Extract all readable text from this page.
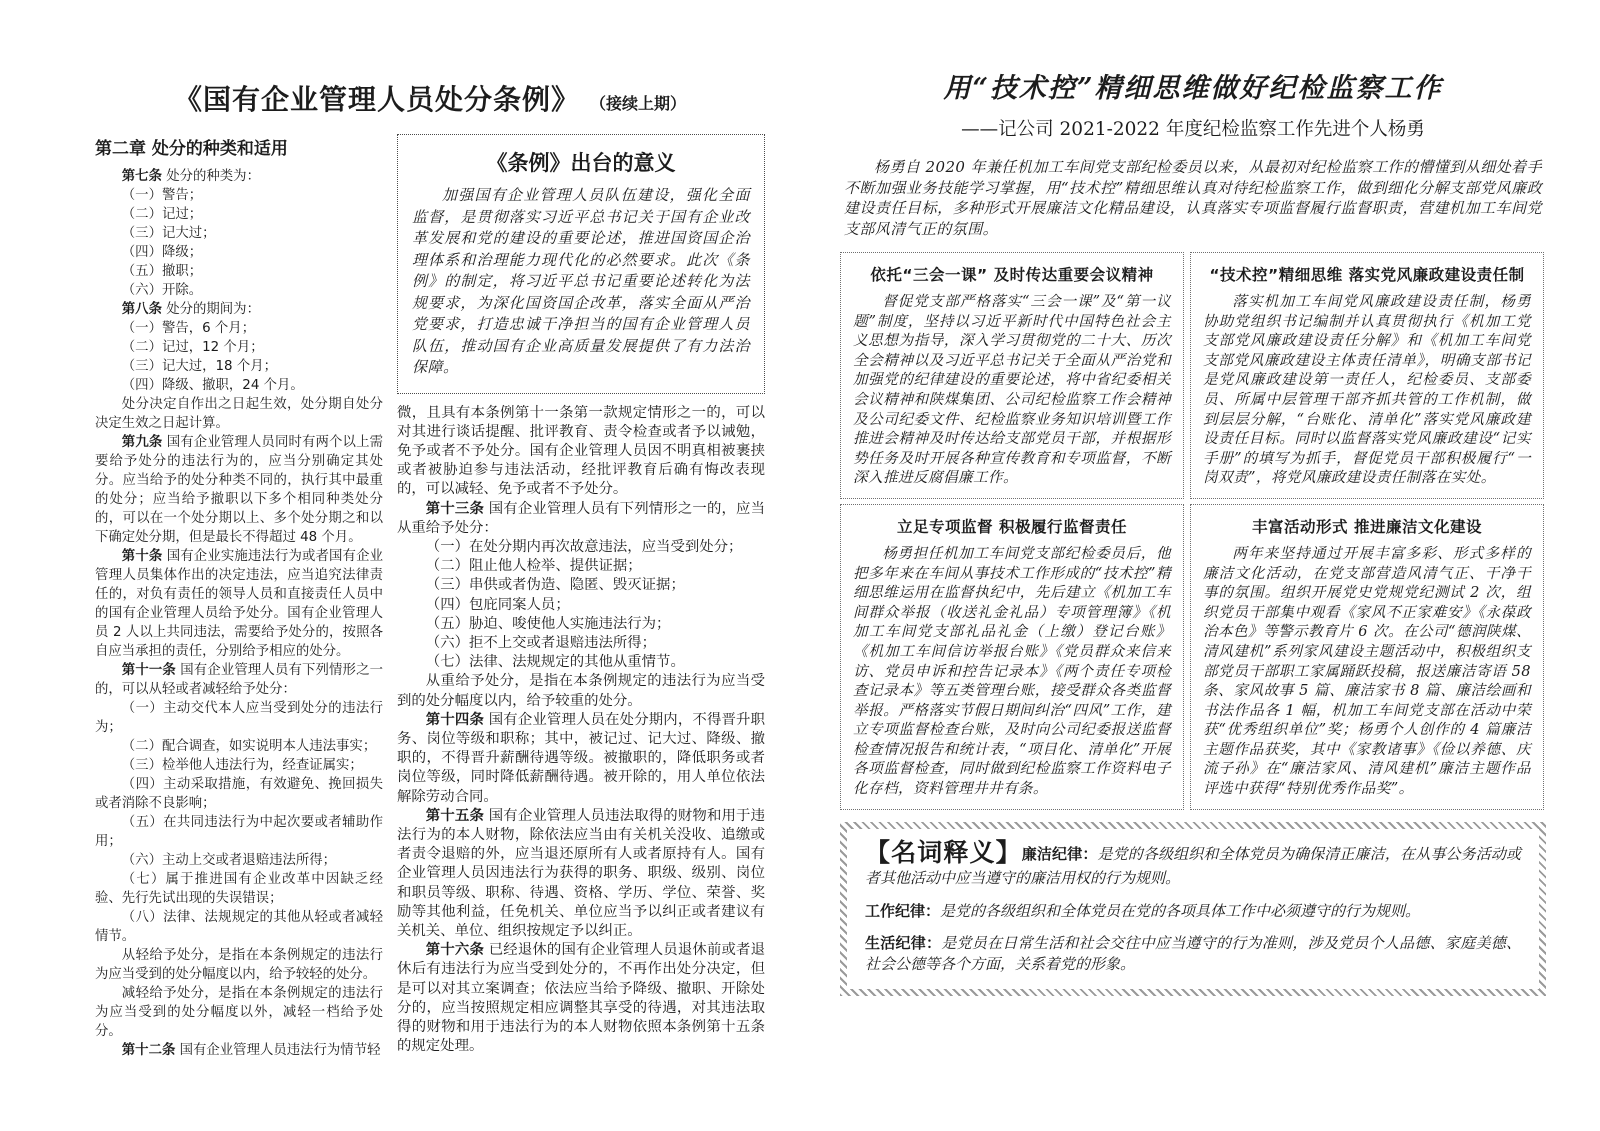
《国有企业管理人员处分条例》 （接续上期）
第二章 处分的种类和适用

第七条 处分的种类为：

（一）警告；

（二）记过；

（三）记大过；

（四）降级；

（五）撤职；

（六）开除。

第八条 处分的期间为：

（一）警告，6 个月；

（二）记过，12 个月；

（三）记大过，18 个月；

（四）降级、撤职，24 个月。

处分决定自作出之日起生效，处分期自处分决定生效之日起计算。

第九条 国有企业管理人员同时有两个以上需要给予处分的违法行为的，应当分别确定其处分。应当给予的处分种类不同的，执行其中最重的处分；应当给予撤职以下多个相同种类处分的，可以在一个处分期以上、多个处分期之和以下确定处分期，但是最长不得超过 48 个月。

第十条 国有企业实施违法行为或者国有企业管理人员集体作出的决定违法，应当追究法律责任的，对负有责任的领导人员和直接责任人员中的国有企业管理人员给予处分。国有企业管理人员 2 人以上共同违法，需要给予处分的，按照各自应当承担的责任，分别给予相应的处分。

第十一条 国有企业管理人员有下列情形之一的，可以从轻或者减轻给予处分：

（一）主动交代本人应当受到处分的违法行为；

（二）配合调查，如实说明本人违法事实；

（三）检举他人违法行为，经查证属实；

（四）主动采取措施，有效避免、挽回损失或者消除不良影响；

（五）在共同违法行为中起次要或者辅助作用；

（六）主动上交或者退赔违法所得；

（七）属于推进国有企业改革中因缺乏经验、先行先试出现的失误错误；

（八）法律、法规规定的其他从轻或者减轻情节。

从轻给予处分，是指在本条例规定的违法行为应当受到的处分幅度以内，给予较轻的处分。

减轻给予处分，是指在本条例规定的违法行为应当受到的处分幅度以外，减轻一档给予处分。

第十二条 国有企业管理人员违法行为情节轻

《条例》出台的意义

加强国有企业管理人员队伍建设，强化全面监督，是贯彻落实习近平总书记关于国有企业改革发展和党的建设的重要论述，推进国资国企治理体系和治理能力现代化的必然要求。此次《条例》的制定，将习近平总书记重要论述转化为法规要求，为深化国资国企改革，落实全面从严治党要求，打造忠诚干净担当的国有企业管理人员队伍，推动国有企业高质量发展提供了有力法治保障。

微，且具有本条例第十一条第一款规定情形之一的，可以对其进行谈话提醒、批评教育、责令检查或者予以诫勉，免予或者不予处分。国有企业管理人员因不明真相被裹挟或者被胁迫参与违法活动，经批评教育后确有悔改表现的，可以减轻、免予或者不予处分。

第十三条 国有企业管理人员有下列情形之一的，应当从重给予处分：

（一）在处分期内再次故意违法，应当受到处分；

（二）阻止他人检举、提供证据；

（三）串供或者伪造、隐匿、毁灭证据；

（四）包庇同案人员；

（五）胁迫、唆使他人实施违法行为；

（六）拒不上交或者退赔违法所得；

（七）法律、法规规定的其他从重情节。

从重给予处分，是指在本条例规定的违法行为应当受到的处分幅度以内，给予较重的处分。

第十四条 国有企业管理人员在处分期内，不得晋升职务、岗位等级和职称；其中，被记过、记大过、降级、撤职的，不得晋升薪酬待遇等级。被撤职的，降低职务或者岗位等级，同时降低薪酬待遇。被开除的，用人单位依法解除劳动合同。

第十五条 国有企业管理人员违法取得的财物和用于违法行为的本人财物，除依法应当由有关机关没收、追缴或者责令退赔的外，应当退还原所有人或者原持有人。国有企业管理人员因违法行为获得的职务、职级、级别、岗位和职员等级、职称、待遇、资格、学历、学位、荣誉、奖励等其他利益，任免机关、单位应当予以纠正或者建议有关机关、单位、组织按规定予以纠正。

第十六条 已经退休的国有企业管理人员退休前或者退休后有违法行为应当受到处分的，不再作出处分决定，但是可以对其立案调查；依法应当给予降级、撤职、开除处分的，应当按照规定相应调整其享受的待遇，对其违法取得的财物和用于违法行为的本人财物依照本条例第十五条的规定处理。

用“技术控”精细思维做好纪检监察工作

——记公司 2021-2022 年度纪检监察工作先进个人杨勇

杨勇自 2020 年兼任机加工车间党支部纪检委员以来，从最初对纪检监察工作的懵懂到从细处着手不断加强业务技能学习掌握，用“技术控”精细思维认真对待纪检监察工作，做到细化分解支部党风廉政建设责任目标，多种形式开展廉洁文化精品建设，认真落实专项监督履行监督职责，营建机加工车间党支部风清气正的氛围。

依托“三会一课” 及时传达重要会议精神

督促党支部严格落实“三会一课”及“第一议题”制度，坚持以习近平新时代中国特色社会主义思想为指导，深入学习贯彻党的二十大、历次全会精神以及习近平总书记关于全面从严治党和加强党的纪律建设的重要论述，将中省纪委相关会议精神和陕煤集团、公司纪检监察工作会精神及公司纪委文件、纪检监察业务知识培训暨工作推进会精神及时传达给支部党员干部，并根据形势任务及时开展各种宣传教育和专项监督，不断深入推进反腐倡廉工作。

“技术控”精细思维 落实党风廉政建设责任制

落实机加工车间党风廉政建设责任制，杨勇协助党组织书记编制并认真贯彻执行《机加工党支部党风廉政建设责任分解》和《机加工车间党支部党风廉政建设主体责任清单》，明确支部书记是党风廉政建设第一责任人，纪检委员、支部委员、所属中层管理干部齐抓共管的工作机制，做到层层分解，“台账化、清单化”落实党风廉政建设责任目标。同时以监督落实党风廉政建设“记实手册”的填写为抓手，督促党员干部积极履行“一岗双责”，将党风廉政建设责任制落在实处。

立足专项监督 积极履行监督责任

杨勇担任机加工车间党支部纪检委员后，他把多年来在车间从事技术工作形成的“技术控”精细思维运用在监督执纪中，先后建立《机加工车间群众举报（收送礼金礼品）专项管理簿》《机加工车间党支部礼品礼金（上缴）登记台账》《机加工车间信访举报台账》《党员群众来信来访、党员申诉和控告记录本》《两个责任专项检查记录本》等五类管理台账，接受群众各类监督举报。严格落实节假日期间纠治“四风”工作，建立专项监督检查台账，及时向公司纪委报送监督检查情况报告和统计表，“项目化、清单化”开展各项监督检查，同时做到纪检监察工作资料电子化存档，资料管理井井有条。

丰富活动形式 推进廉洁文化建设

两年来坚持通过开展丰富多彩、形式多样的廉洁文化活动，在党支部营造风清气正、干净干事的氛围。组织开展党史党规党纪测试 2 次，组织党员干部集中观看《家风不正家难安》《永葆政治本色》等警示教育片 6 次。在公司“德润陕煤、清风建机”系列家风建设主题活动中，积极组织支部党员干部职工家属踊跃投稿，报送廉洁寄语 58 条、家风故事 5 篇、廉洁家书 8 篇、廉洁绘画和书法作品各 1 幅，机加工车间党支部在活动中荣获“优秀组织单位”奖；杨勇个人创作的 4 篇廉洁主题作品获奖，其中《家教诸事》《俭以养德、庆流子孙》在“廉洁家风、清风建机”廉洁主题作品评选中获得“特别优秀作品奖”。

【名词释义】廉洁纪律：是党的各级组织和全体党员为确保清正廉洁，在从事公务活动或者其他活动中应当遵守的廉洁用权的行为规则。

工作纪律：是党的各级组织和全体党员在党的各项具体工作中必须遵守的行为规则。

生活纪律：是党员在日常生活和社会交往中应当遵守的行为准则，涉及党员个人品德、家庭美德、社会公德等各个方面，关系着党的形象。
